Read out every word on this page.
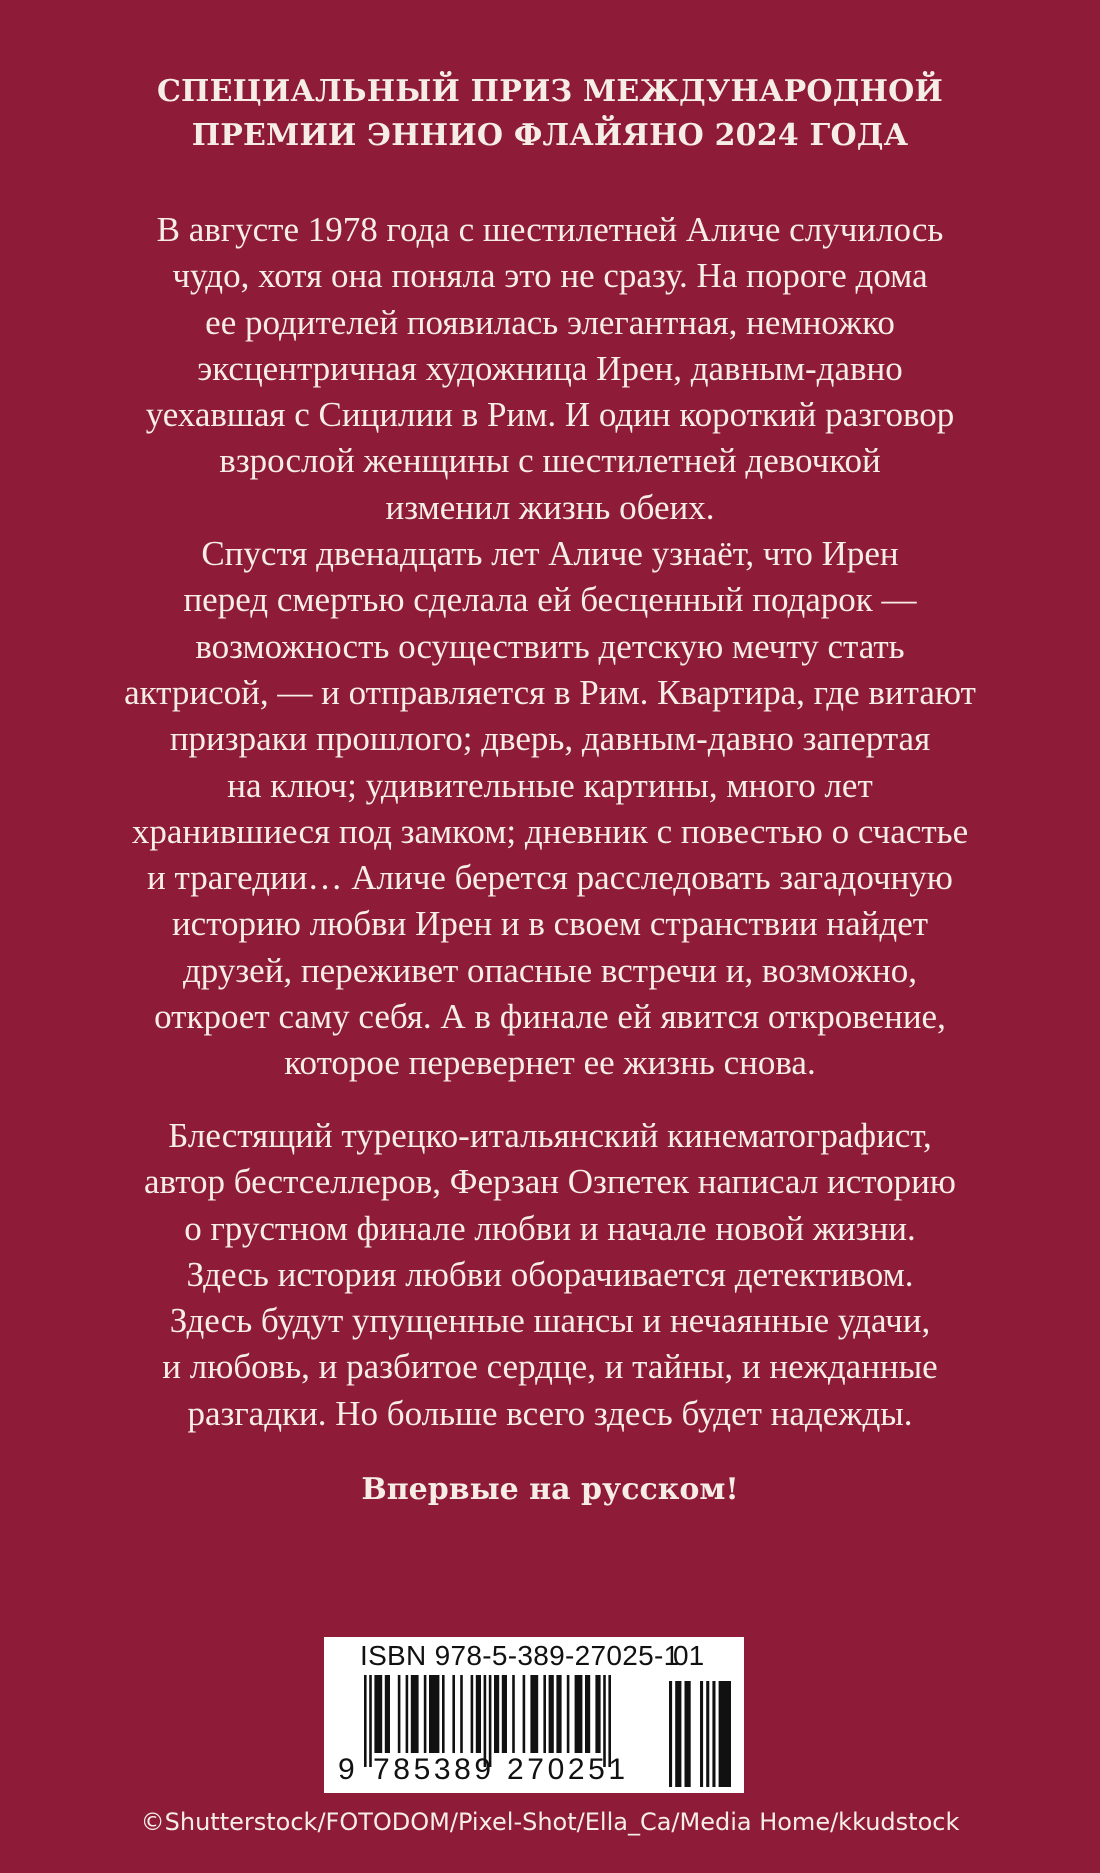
СПЕЦИАЛЬНЫЙ ПРИЗ МЕЖДУНАРОДНОЙ
ПРЕМИИ ЭННИО ФЛАЙЯНО 2024 ГОДА
В августе 1978 года с шестилетней Аличе случилось
чудо, хотя она поняла это не сразу. На пороге дома
ее родителей появилась элегантная, немножко
эксцентричная художница Ирен, давным-давно
уехавшая с Сицилии в Рим. И один короткий разговор
взрослой женщины с шестилетней девочкой
изменил жизнь обеих.
Спустя двенадцать лет Аличе узнаёт, что Ирен
перед смертью сделала ей бесценный подарок —
возможность осуществить детскую мечту стать
актрисой, — и отправляется в Рим. Квартира, где витают
призраки прошлого; дверь, давным-давно запертая
на ключ; удивительные картины, много лет
хранившиеся под замком; дневник с повестью о счастье
и трагедии… Аличе берется расследовать загадочную
историю любви Ирен и в своем странствии найдет
друзей, переживет опасные встречи и, возможно,
откроет саму себя. А в финале ей явится откровение,
которое перевернет ее жизнь снова.
Блестящий турецко-итальянский кинематографист,
автор бестселлеров, Ферзан Озпетек написал историю
о грустном финале любви и начале новой жизни.
Здесь история любви оборачивается детективом.
Здесь будут упущенные шансы и нечаянные удачи,
и любовь, и разбитое сердце, и тайны, и нежданные
разгадки. Но больше всего здесь будет надежды.
Впервые на русском!
ISBN 978-5-389-27025-1
01
9 785389 270251
©Shutterstock/FOTODOM/Pixel-Shot/Ella_Ca/Media Home/kkudstock
